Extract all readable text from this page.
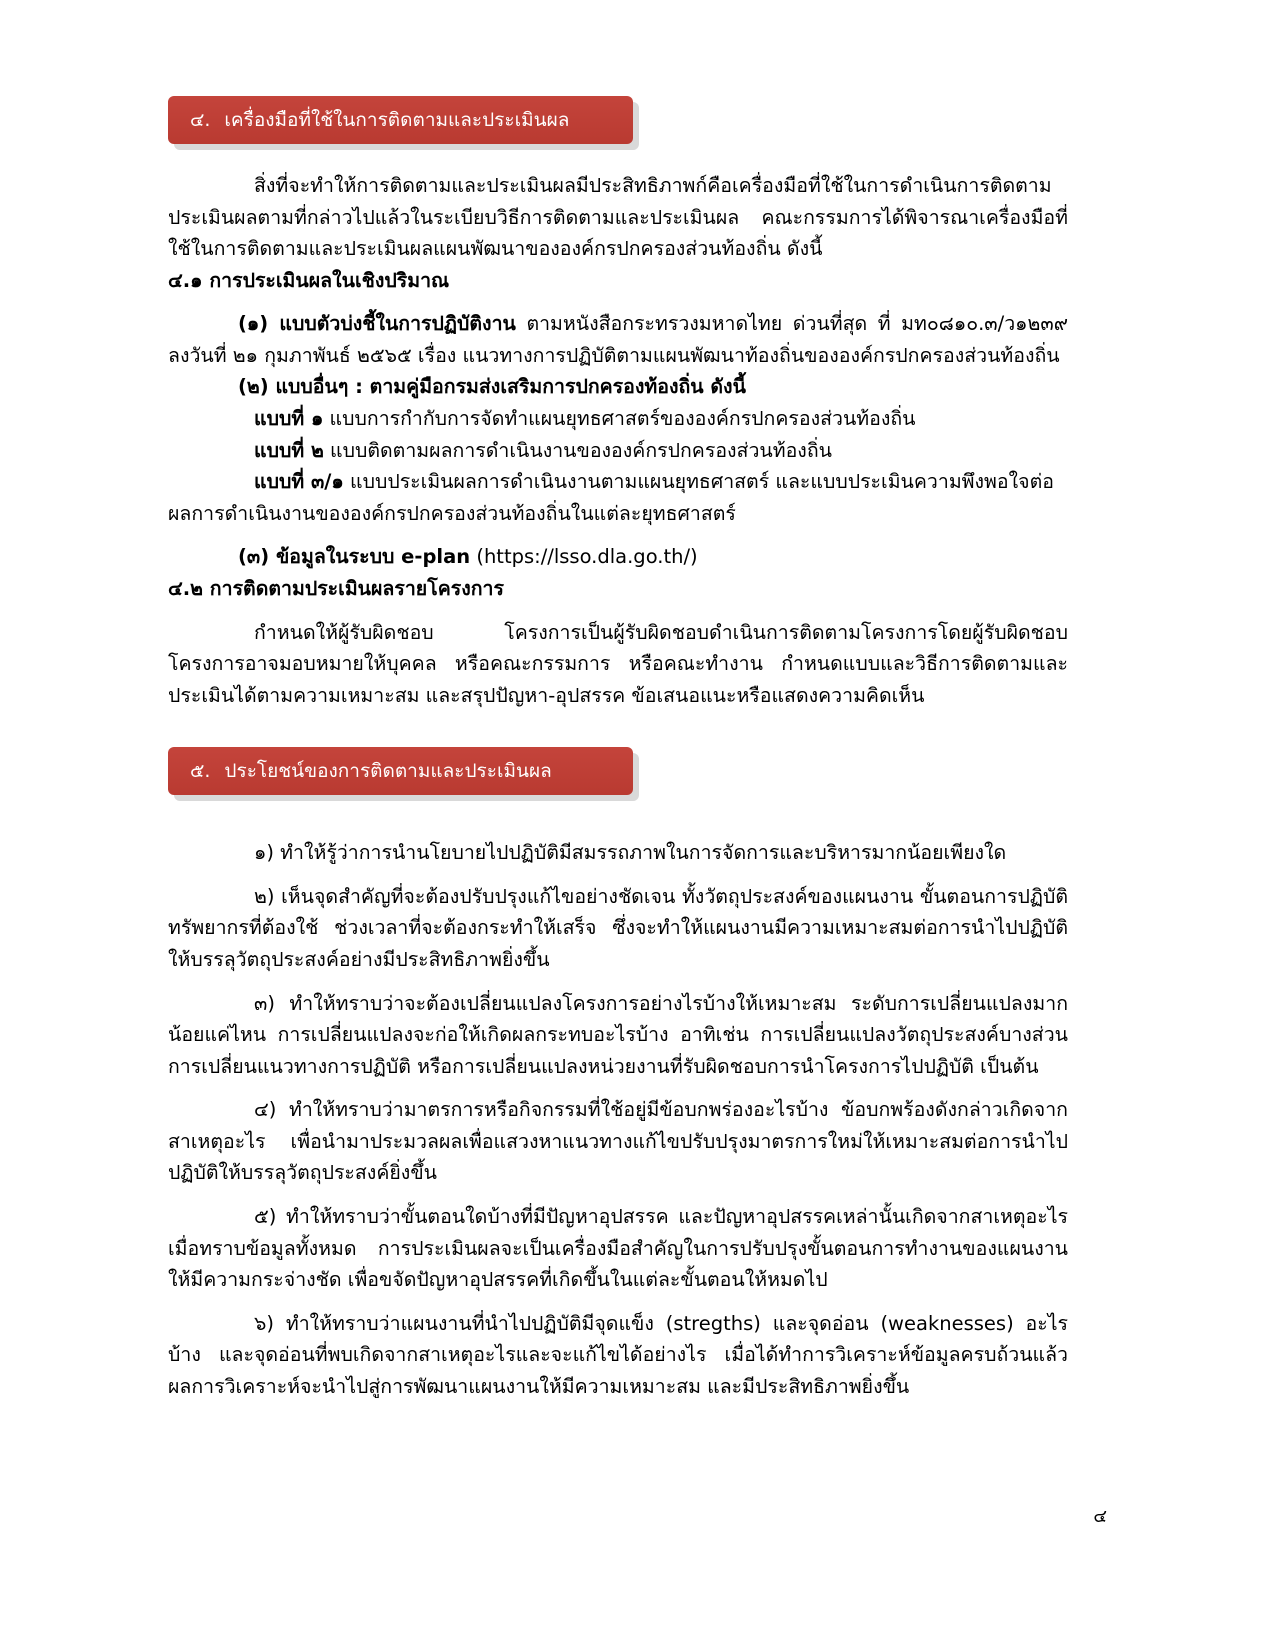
๔. เครื่องมือที่ใช้ในการติดตามและประเมินผล

สิ่งที่จะทำให้การติดตามและประเมินผลมีประสิทธิภาพก์คือเครื่องมือที่ใช้ในการดำเนินการติดตามประเมินผลตามที่กล่าวไปแล้วในระเบียบวิธีการติดตามและประเมินผล คณะกรรมการได้พิจารณาเครื่องมือที่ใช้ในการติดตามและประเมินผลแผนพัฒนาขององค์กรปกครองส่วนท้องถิ่น ดังนี้

๔.๑ การประเมินผลในเชิงปริมาณ

(๑) แบบตัวบ่งชี้ในการปฏิบัติงาน ตามหนังสือกระทรวงมหาดไทย ด่วนที่สุด ที่ มท๐๘๑๐.๓/ว๑๒๓๙ ลงวันที่ ๒๑ กุมภาพันธ์ ๒๕๖๕ เรื่อง แนวทางการปฏิบัติตามแผนพัฒนาท้องถิ่นขององค์กรปกครองส่วนท้องถิ่น

(๒) แบบอื่นๆ : ตามคู่มือกรมส่งเสริมการปกครองท้องถิ่น ดังนี้

แบบที่ ๑ แบบการกำกับการจัดทำแผนยุทธศาสตร์ขององค์กรปกครองส่วนท้องถิ่น

แบบที่ ๒ แบบติดตามผลการดำเนินงานขององค์กรปกครองส่วนท้องถิ่น

แบบที่ ๓/๑ แบบประเมินผลการดำเนินงานตามแผนยุทธศาสตร์ และแบบประเมินความพึงพอใจต่อ

ผลการดำเนินงานขององค์กรปกครองส่วนท้องถิ่นในแต่ละยุทธศาสตร์

(๓) ข้อมูลในระบบ e-plan (https://lsso.dla.go.th/)

๔.๒ การติดตามประเมินผลรายโครงการ

กำหนดให้ผู้รับผิดชอบ โครงการเป็นผู้รับผิดชอบดำเนินการติดตามโครงการโดยผู้รับผิดชอบโครงการอาจมอบหมายให้บุคคล หรือคณะกรรมการ หรือคณะทำงาน กำหนดแบบและวิธีการติดตามและประเมินได้ตามความเหมาะสม และสรุปปัญหา-อุปสรรค ข้อเสนอแนะหรือแสดงความคิดเห็น

๕. ประโยชน์ของการติดตามและประเมินผล

๑) ทำให้รู้ว่าการนำนโยบายไปปฏิบัติมีสมรรถภาพในการจัดการและบริหารมากน้อยเพียงใด

๒) เห็นจุดสำคัญที่จะต้องปรับปรุงแก้ไขอย่างชัดเจน ทั้งวัตถุประสงค์ของแผนงาน ขั้นตอนการปฏิบัติ ทรัพยากรที่ต้องใช้ ช่วงเวลาที่จะต้องกระทำให้เสร็จ ซึ่งจะทำให้แผนงานมีความเหมาะสมต่อการนำไปปฏิบัติให้บรรลุวัตถุประสงค์อย่างมีประสิทธิภาพยิ่งขึ้น

๓) ทำให้ทราบว่าจะต้องเปลี่ยนแปลงโครงการอย่างไรบ้างให้เหมาะสม ระดับการเปลี่ยนแปลงมากน้อยแค่ไหน การเปลี่ยนแปลงจะก่อให้เกิดผลกระทบอะไรบ้าง อาทิเช่น การเปลี่ยนแปลงวัตถุประสงค์บางส่วน การเปลี่ยนแนวทางการปฏิบัติ หรือการเปลี่ยนแปลงหน่วยงานที่รับผิดชอบการนำโครงการไปปฏิบัติ เป็นต้น

๔) ทำให้ทราบว่ามาตรการหรือกิจกรรมที่ใช้อยู่มีข้อบกพร่องอะไรบ้าง ข้อบกพร้องดังกล่าวเกิดจากสาเหตุอะไร เพื่อนำมาประมวลผลเพื่อแสวงหาแนวทางแก้ไขปรับปรุงมาตรการใหม่ให้เหมาะสมต่อการนำไปปฏิบัติให้บรรลุวัตถุประสงค์ยิ่งขึ้น

๕) ทำให้ทราบว่าขั้นตอนใดบ้างที่มีปัญหาอุปสรรค และปัญหาอุปสรรคเหล่านั้นเกิดจากสาเหตุอะไร เมื่อทราบข้อมูลทั้งหมด การประเมินผลจะเป็นเครื่องมือสำคัญในการปรับปรุงขั้นตอนการทำงานของแผนงานให้มีความกระจ่างชัด เพื่อขจัดปัญหาอุปสรรคที่เกิดขึ้นในแต่ละขั้นตอนให้หมดไป

๖) ทำให้ทราบว่าแผนงานที่นำไปปฏิบัติมีจุดแข็ง (stregths) และจุดอ่อน (weaknesses) อะไรบ้าง และจุดอ่อนที่พบเกิดจากสาเหตุอะไรและจะแก้ไขได้อย่างไร เมื่อได้ทำการวิเคราะห์ข้อมูลครบถ้วนแล้ว ผลการวิเคราะห์จะนำไปสู่การพัฒนาแผนงานให้มีความเหมาะสม และมีประสิทธิภาพยิ่งขึ้น

๔
